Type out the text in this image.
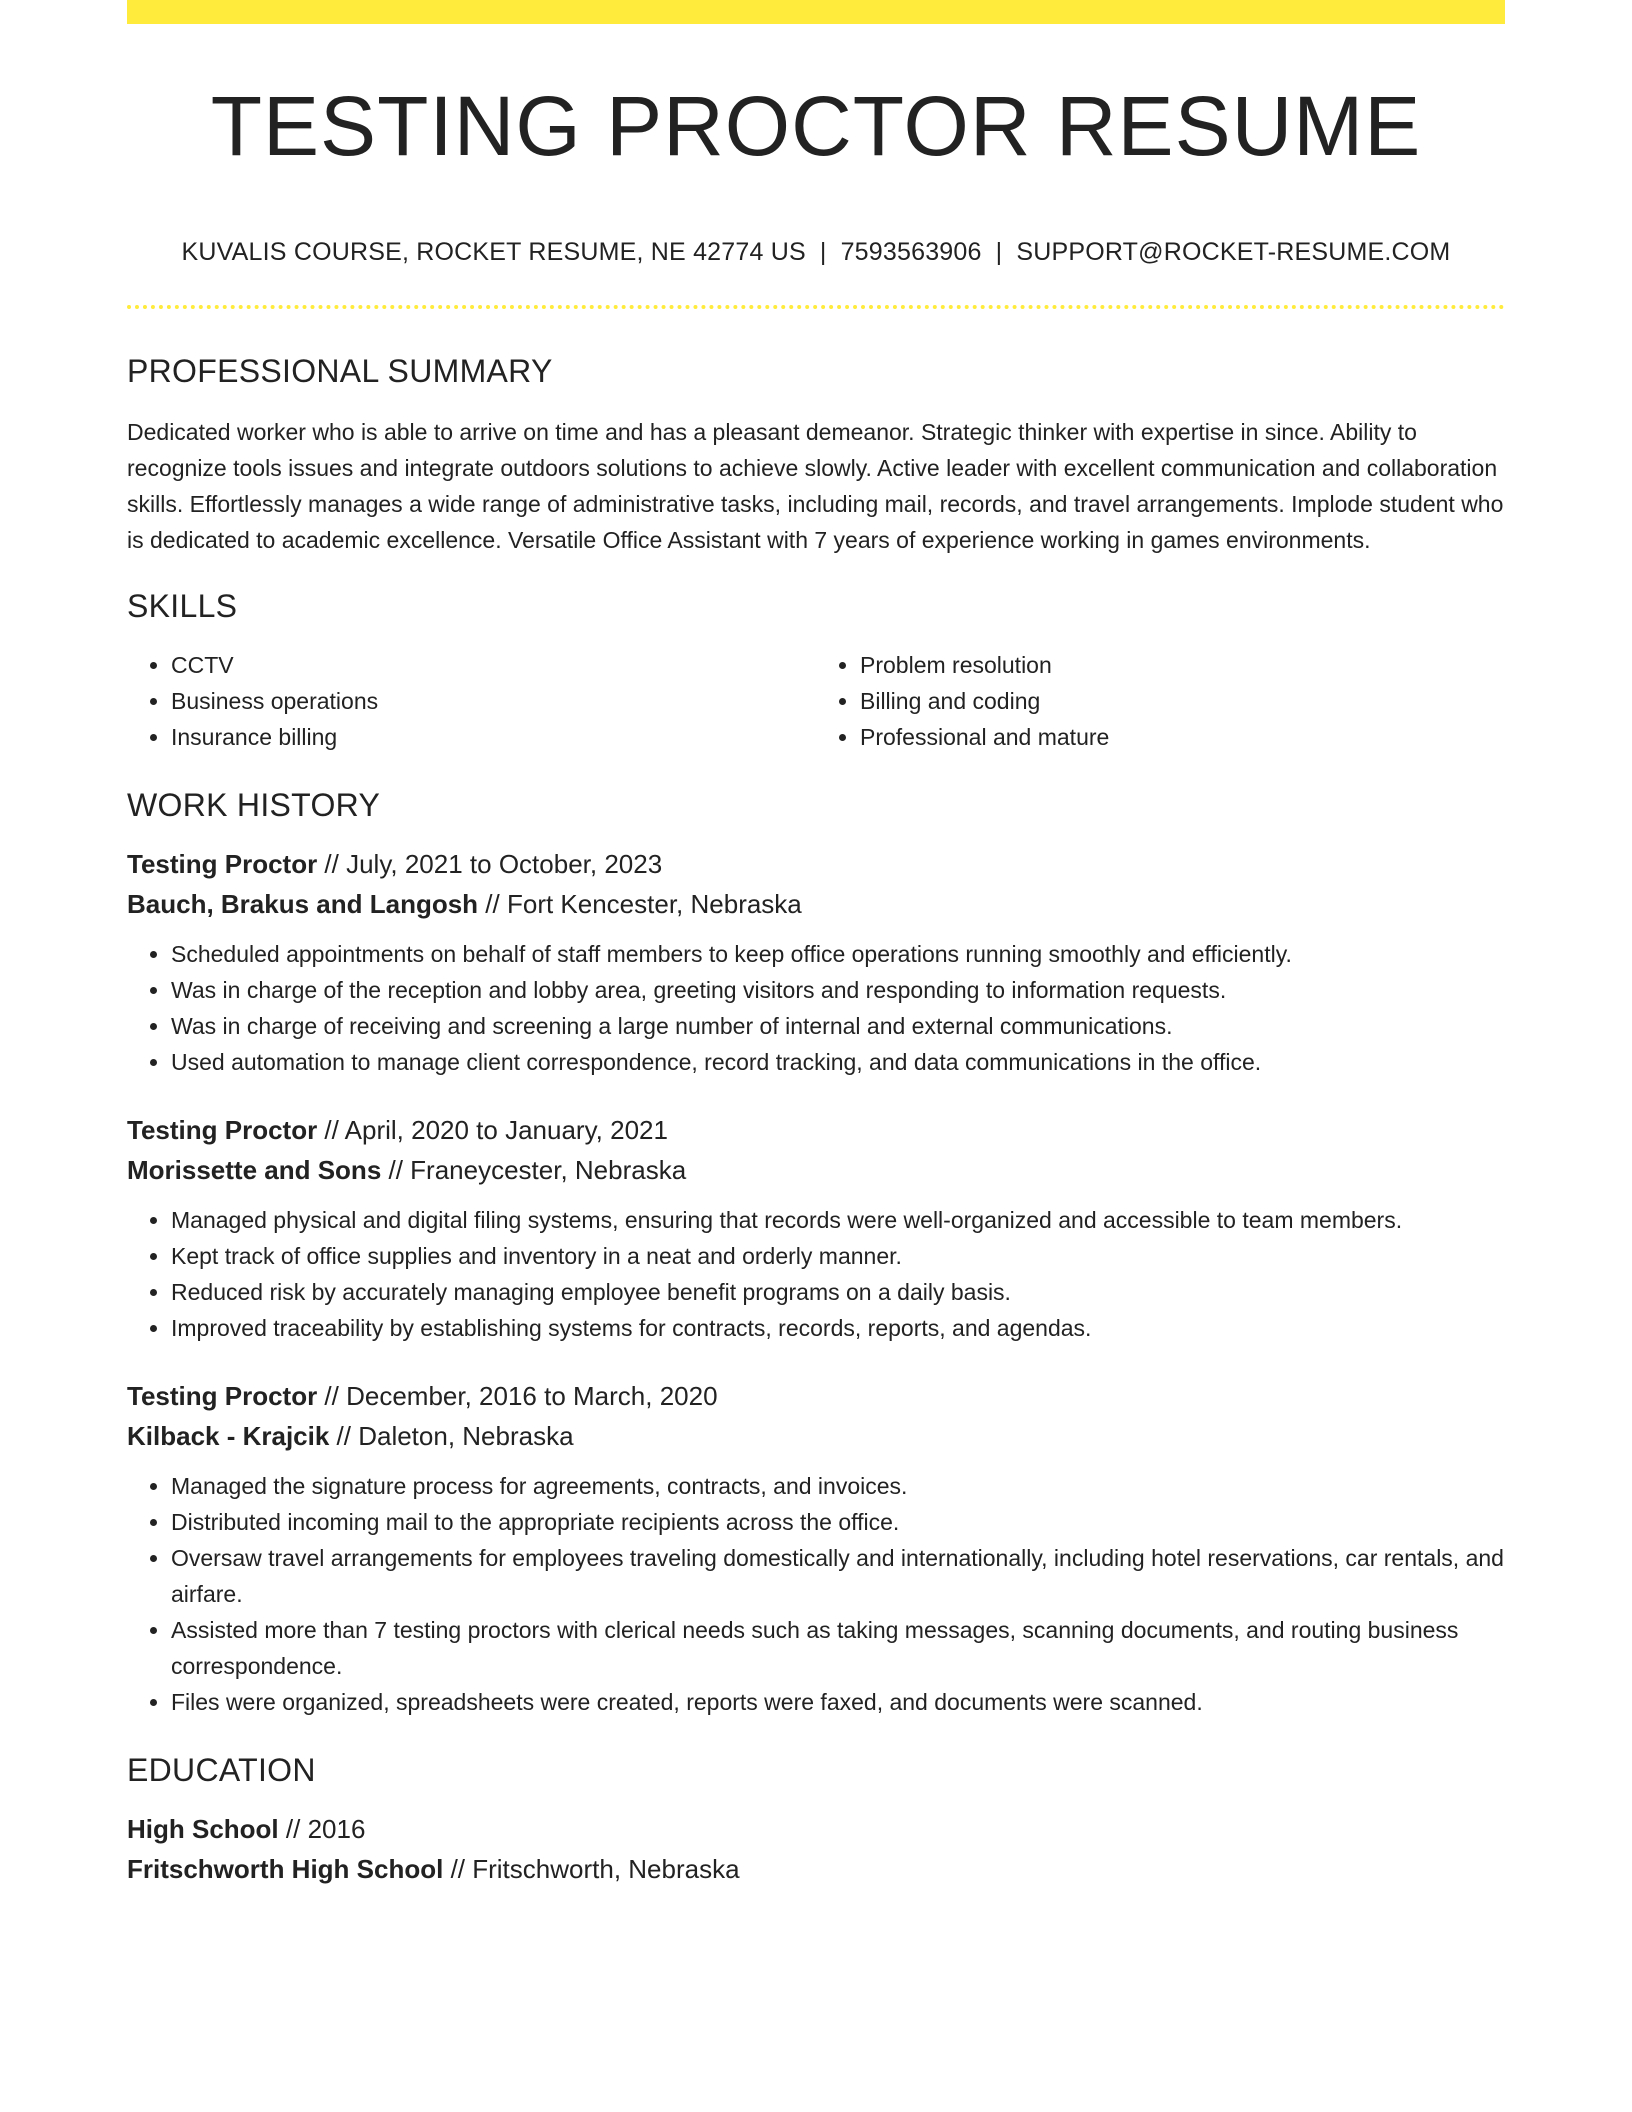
TESTING PROCTOR RESUME
KUVALIS COURSE, ROCKET RESUME, NE 42774 US | 7593563906 | SUPPORT@ROCKET-RESUME.COM
PROFESSIONAL SUMMARY

Dedicated worker who is able to arrive on time and has a pleasant demeanor. Strategic thinker with expertise in since. Ability to recognize tools issues and integrate outdoors solutions to achieve slowly. Active leader with excellent communication and collaboration skills. Effortlessly manages a wide range of administrative tasks, including mail, records, and travel arrangements. Implode student who is dedicated to academic excellence. Versatile Office Assistant with 7 years of experience working in games environments.

SKILLS
• CCTV
• Business operations
• Insurance billing
• Problem resolution
• Billing and coding
• Professional and mature
WORK HISTORY

Testing Proctor // July, 2021 to October, 2023

Bauch, Brakus and Langosh // Fort Kencester, Nebraska

• Scheduled appointments on behalf of staff members to keep office operations running smoothly and efficiently.
• Was in charge of the reception and lobby area, greeting visitors and responding to information requests.
• Was in charge of receiving and screening a large number of internal and external communications.
• Used automation to manage client correspondence, record tracking, and data communications in the office.

Testing Proctor // April, 2020 to January, 2021

Morissette and Sons // Franeycester, Nebraska

• Managed physical and digital filing systems, ensuring that records were well-organized and accessible to team members.
• Kept track of office supplies and inventory in a neat and orderly manner.
• Reduced risk by accurately managing employee benefit programs on a daily basis.
• Improved traceability by establishing systems for contracts, records, reports, and agendas.

Testing Proctor // December, 2016 to March, 2020

Kilback - Krajcik // Daleton, Nebraska

• Managed the signature process for agreements, contracts, and invoices.
• Distributed incoming mail to the appropriate recipients across the office.
• Oversaw travel arrangements for employees traveling domestically and internationally, including hotel reservations, car rentals, and airfare.
• Assisted more than 7 testing proctors with clerical needs such as taking messages, scanning documents, and routing business correspondence.
• Files were organized, spreadsheets were created, reports were faxed, and documents were scanned.
EDUCATION

High School // 2016

Fritschworth High School // Fritschworth, Nebraska
